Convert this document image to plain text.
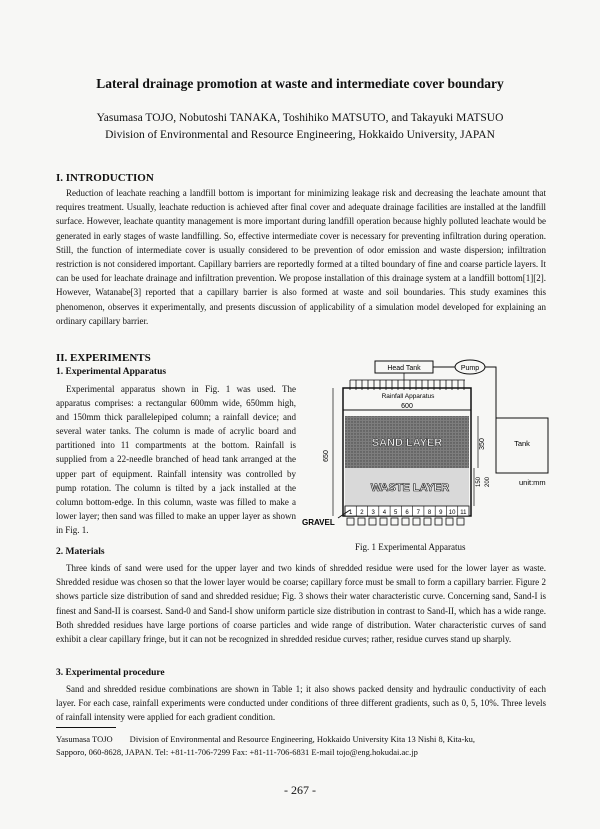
Lateral drainage promotion at waste and intermediate cover boundary
Yasumasa TOJO, Nobutoshi TANAKA, Toshihiko MATSUTO, and Takayuki MATSUO
Division of Environmental and Resource Engineering, Hokkaido University, JAPAN
I. INTRODUCTION

Reduction of leachate reaching a landfill bottom is important for minimizing leakage risk and decreasing the leachate amount that requires treatment. Usually, leachate reduction is achieved after final cover and adequate drainage facilities are installed at the landfill surface. However, leachate quantity management is more important during landfill operation because highly polluted leachate would be generated in early stages of waste landfilling. So, effective intermediate cover is necessary for preventing infiltration during operation. Still, the function of intermediate cover is usually considered to be prevention of odor emission and waste dispersion; infiltration restriction is not considered important. Capillary barriers are reportedly formed at a tilted boundary of fine and coarse particle layers. It can be used for leachate drainage and infiltration prevention. We propose installation of this drainage system at a landfill bottom[1][2]. However, Watanabe[3] reported that a capillary barrier is also formed at waste and soil boundaries. This study examines this phenomenon, observes it experimentally, and presents discussion of applicability of a simulation model developed for explaining an ordinary capillary barrier.

II. EXPERIMENTS
1. Experimental Apparatus

Experimental apparatus shown in Fig. 1 was used. The apparatus comprises: a rectangular 600mm wide, 650mm high, and 150mm thick parallelepiped column; a rainfall device; and several water tanks. The column is made of acrylic board and partitioned into 11 compartments at the bottom. Rainfall is supplied from a 22-needle branched of head tank arranged at the upper part of equipment. Rainfall intensity was controlled by pump rotation. The column is tilted by a jack installed at the column bottom-edge. In this column, waste was filled to make a lower layer; then sand was filled to make an upper layer as shown in Fig. 1.

Head Tank	Pump
Rainfall Apparatus
600
SAND LAYER
WASTE LAYER
1 2 3 4 5 6 7 8 9 10 11
GRAVEL
650
350
150 200
Tank
unit:mm
Fig. 1 Experimental Apparatus
2. Materials

Three kinds of sand were used for the upper layer and two kinds of shredded residue were used for the lower layer as waste. Shredded residue was chosen so that the lower layer would be coarse; capillary force must be small to form a capillary barrier. Figure 2 shows particle size distribution of sand and shredded residue; Fig. 3 shows their water characteristic curve. Concerning sand, Sand-I is finest and Sand-II is coarsest. Sand-0 and Sand-I show uniform particle size distribution in contrast to Sand-II, which has a wide range. Both shredded residues have large portions of coarse particles and wide range of distribution. Water characteristic curves of sand exhibit a clear capillary fringe, but it can not be recognized in shredded residue curves; rather, residue curves stand up sharply.

3. Experimental procedure

Sand and shredded residue combinations are shown in Table 1; it also shows packed density and hydraulic conductivity of each layer. For each case, rainfall experiments were conducted under conditions of three different gradients, such as 0, 5, 10%. Three levels of rainfall intensity were applied for each gradient condition.

Yasumasa TOJO        Division of Environmental and Resource Engineering, Hokkaido University Kita 13 Nishi 8, Kita-ku,
Sapporo, 060-8628, JAPAN. Tel: +81-11-706-7299 Fax: +81-11-706-6831 E-mail tojo@eng.hokudai.ac.jp
- 267 -
